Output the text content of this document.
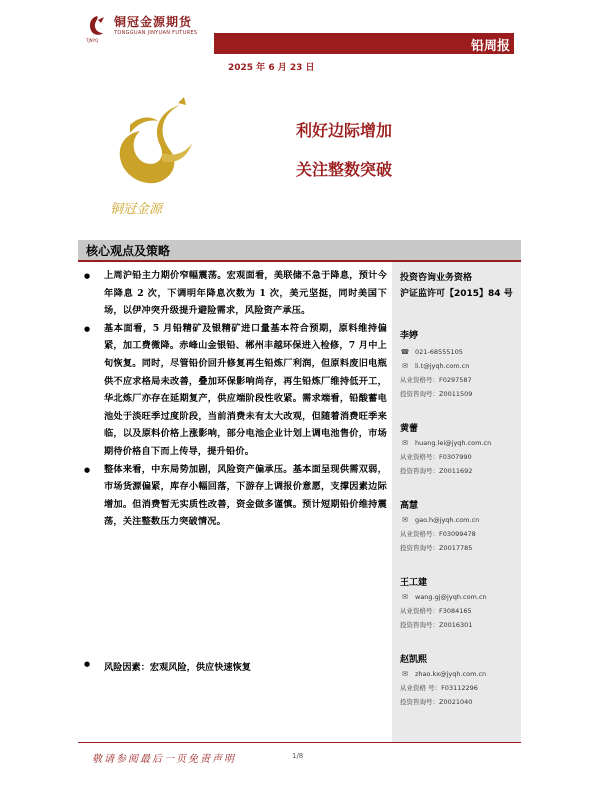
铜冠金源期货
TONGGUAN JINYUAN FUTURES
TJNYQ	铅周报
2025 年 6 月 23 日
铜冠金源
利好边际增加
关注整数突破
核心观点及策略
投资咨询业务资格
沪证监许可【2015】84 号
李婷
☎ 021-68555105
✉	li.t@jyqh.com.cn
从业资格号：F0297587
投资咨询号：Z0011509
黄蕾
✉	huang.lei@jyqh.com.cn
从业资格号：F0307990
投资咨询号：Z0011692
高慧
✉	gao.h@jyqh.com.cn
从业资格号：F03099478
投资咨询号：Z0017785
王工建
✉	wang.gj@jyqh.com.cn
从业资格号：F3084165
投资咨询号：Z0016301
赵凯熙
✉	zhao.kx@jyqh.com.cn
从业资格 号：F03112296
投资咨询号：Z0021040
●	上周沪铅主力期价窄幅震荡。宏观面看，美联储不急于降息，预计今年降息 2 次，下调明年降息次数为 1 次，美元坚挺，同时美国下场，以伊冲突升级提升避险需求，风险资产承压。
●	基本面看，5 月铅精矿及银精矿进口量基本符合预期，原料维持偏紧，加工费微降。赤峰山金银铅、郴州丰越环保进入检修，7 月中上旬恢复。同时，尽管铅价回升修复再生铅炼厂利润，但原料废旧电瓶供不应求格局未改善，叠加环保影响尚存，再生铅炼厂维持低开工，华北炼厂亦存在延期复产，供应端阶段性收紧。需求端看，铅酸蓄电池处于淡旺季过度阶段，当前消费未有太大改观，但随着消费旺季来临，以及原料价格上涨影响，部分电池企业计划上调电池售价，市场期待价格自下而上传导，提升铅价。
●	整体来看，中东局势加剧，风险资产偏承压。基本面呈现供需双弱，市场货源偏紧，库存小幅回落，下游存上调报价意愿，支撑因素边际增加。但消费暂无实质性改善，资金做多谨慎。预计短期铅价维持震荡，关注整数压力突破情况。
●	风险因素：宏观风险，供应快速恢复
敬请参阅最后一页免责声明	1/8
